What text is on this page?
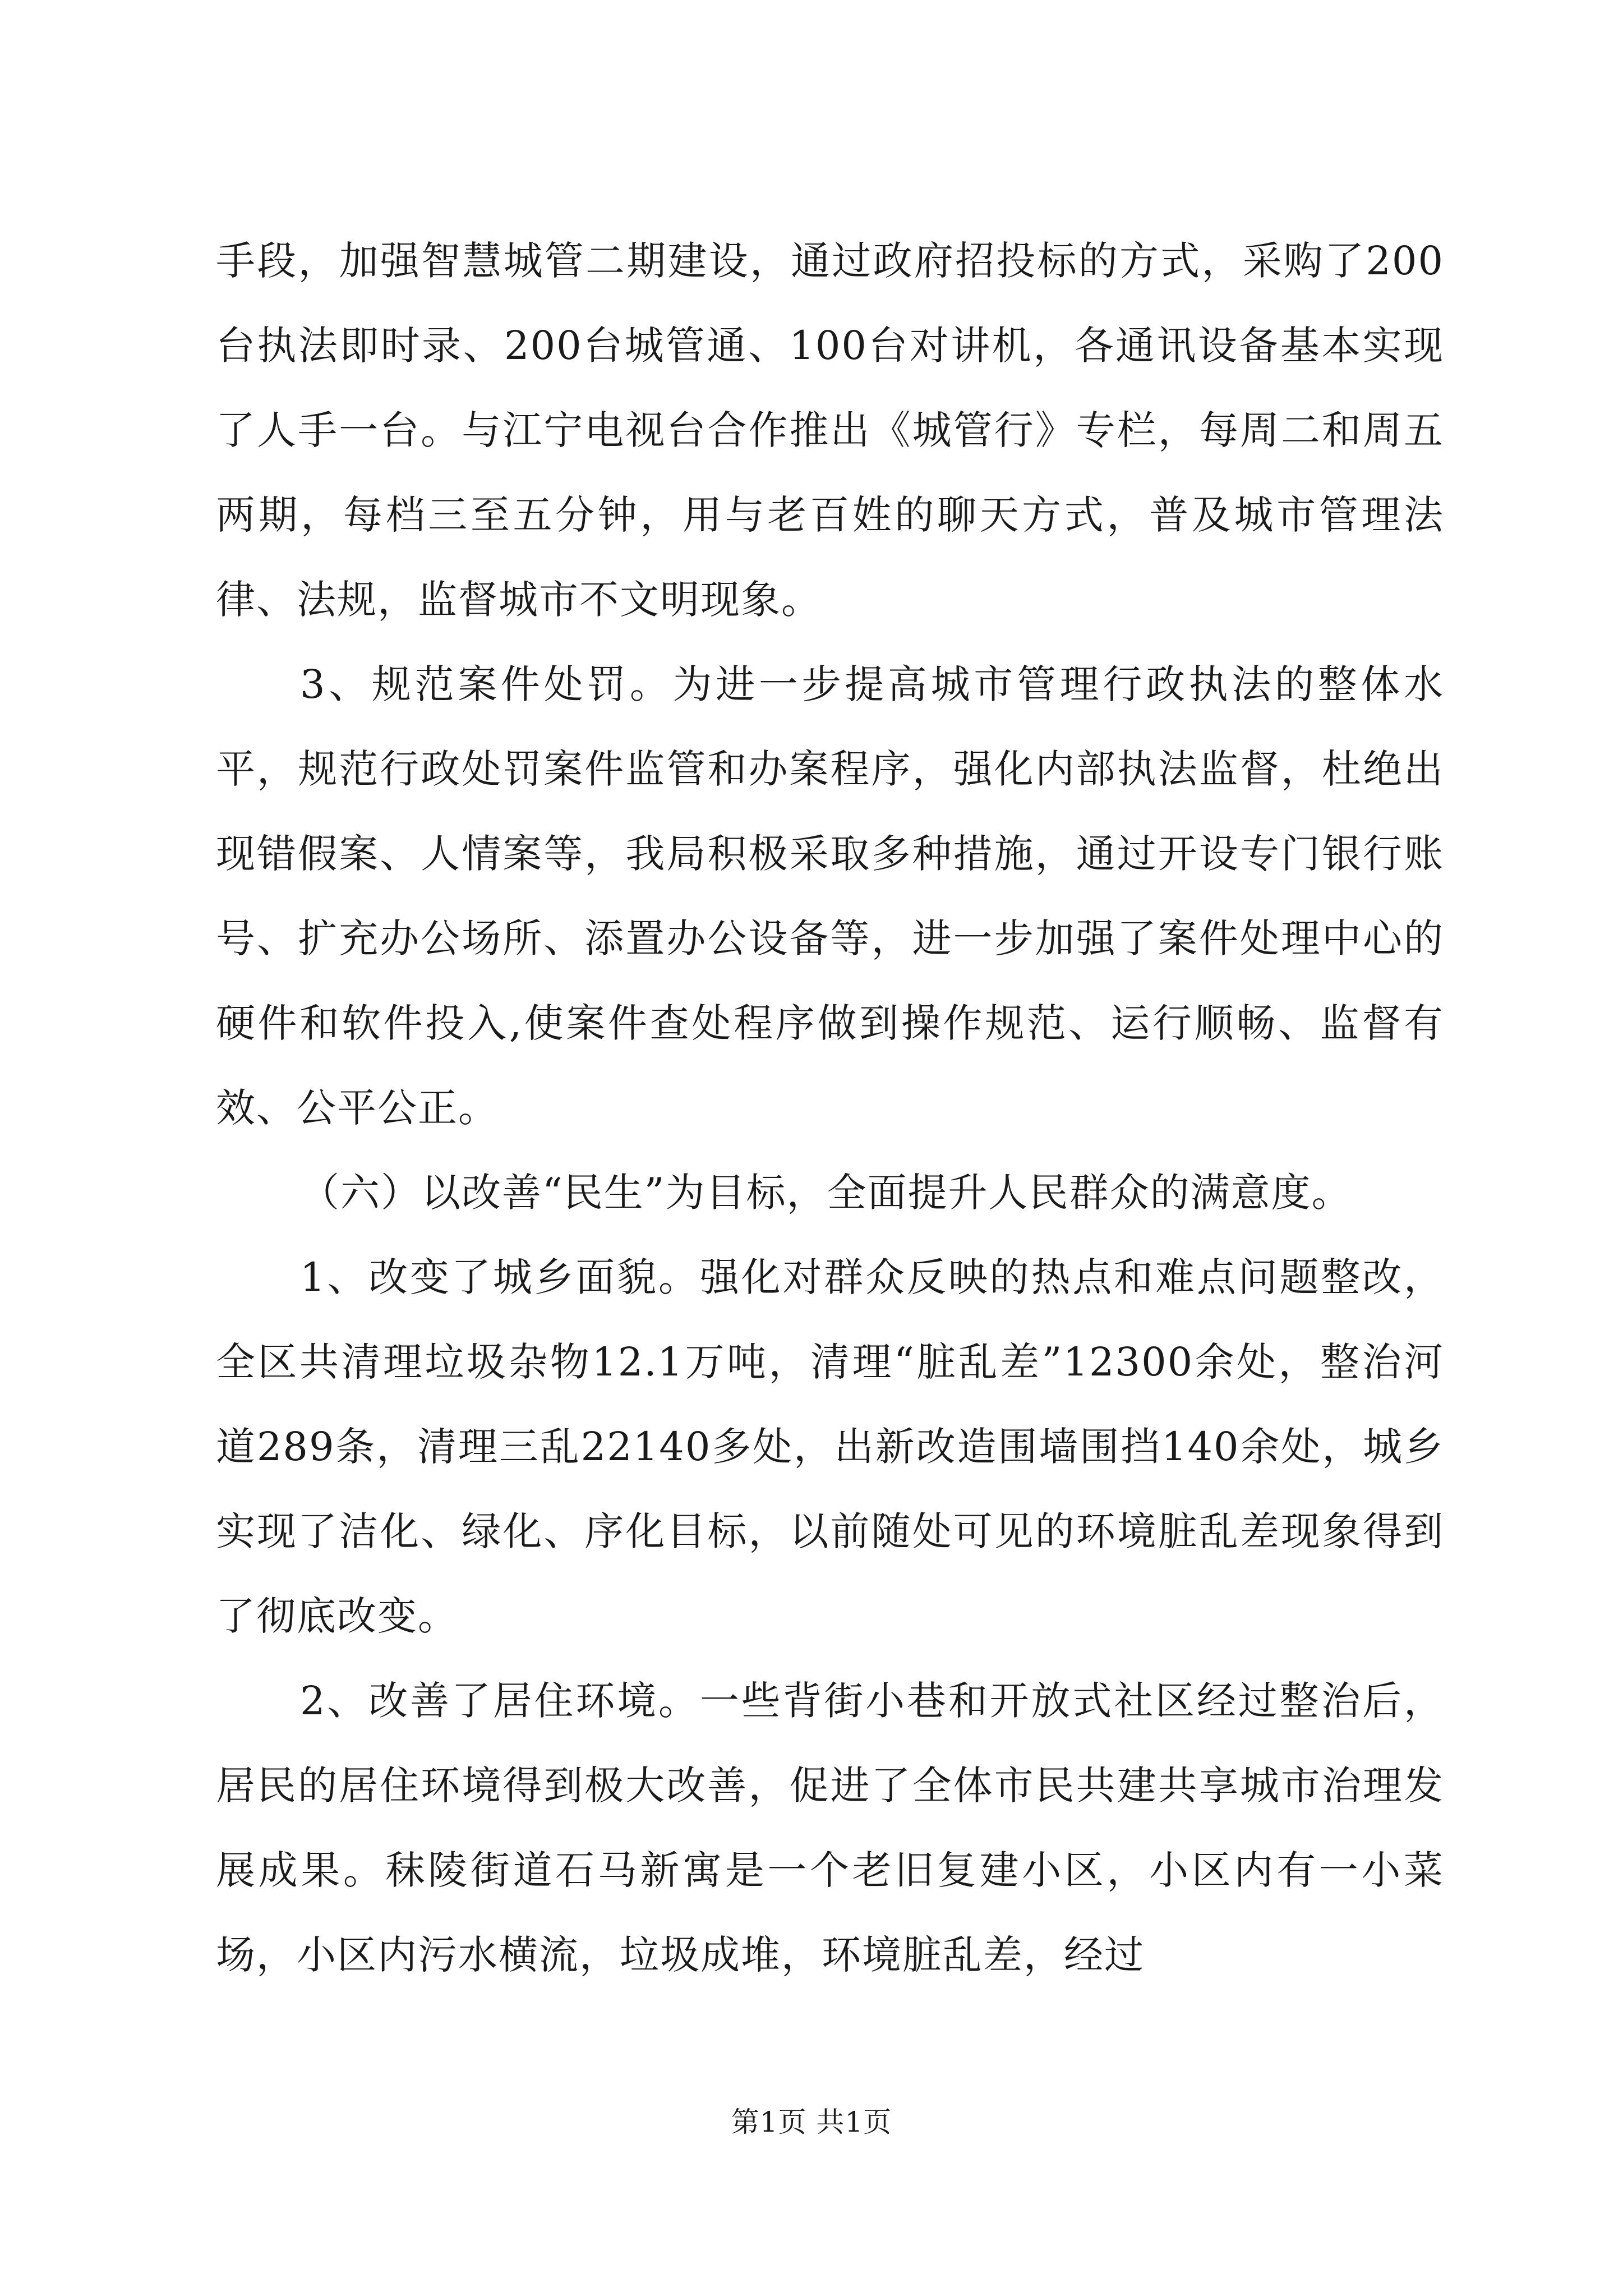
手段，加强智慧城管二期建设，通过政府招投标的方式，采购了200台执法即时录、200台城管通、100台对讲机，各通讯设备基本实现了人手一台。与江宁电视台合作推出《城管行》专栏，每周二和周五两期，每档三至五分钟，用与老百姓的聊天方式，普及城市管理法律、法规，监督城市不文明现象。

3、规范案件处罚。为进一步提高城市管理行政执法的整体水平，规范行政处罚案件监管和办案程序，强化内部执法监督，杜绝出现错假案、人情案等，我局积极采取多种措施，通过开设专门银行账号、扩充办公场所、添置办公设备等，进一步加强了案件处理中心的硬件和软件投入,使案件查处程序做到操作规范、运行顺畅、监督有效、公平公正。

（六）以改善“民生”为目标，全面提升人民群众的满意度。

1、改变了城乡面貌。强化对群众反映的热点和难点问题整改，全区共清理垃圾杂物12.1万吨，清理“脏乱差”12300余处，整治河道289条，清理三乱22140多处，出新改造围墙围挡140余处，城乡实现了洁化、绿化、序化目标，以前随处可见的环境脏乱差现象得到了彻底改变。

2、改善了居住环境。一些背街小巷和开放式社区经过整治后，居民的居住环境得到极大改善，促进了全体市民共建共享城市治理发展成果。秣陵街道石马新寓是一个老旧复建小区，小区内有一小菜场，小区内污水横流，垃圾成堆，环境脏乱差，经过

第1页 共1页
